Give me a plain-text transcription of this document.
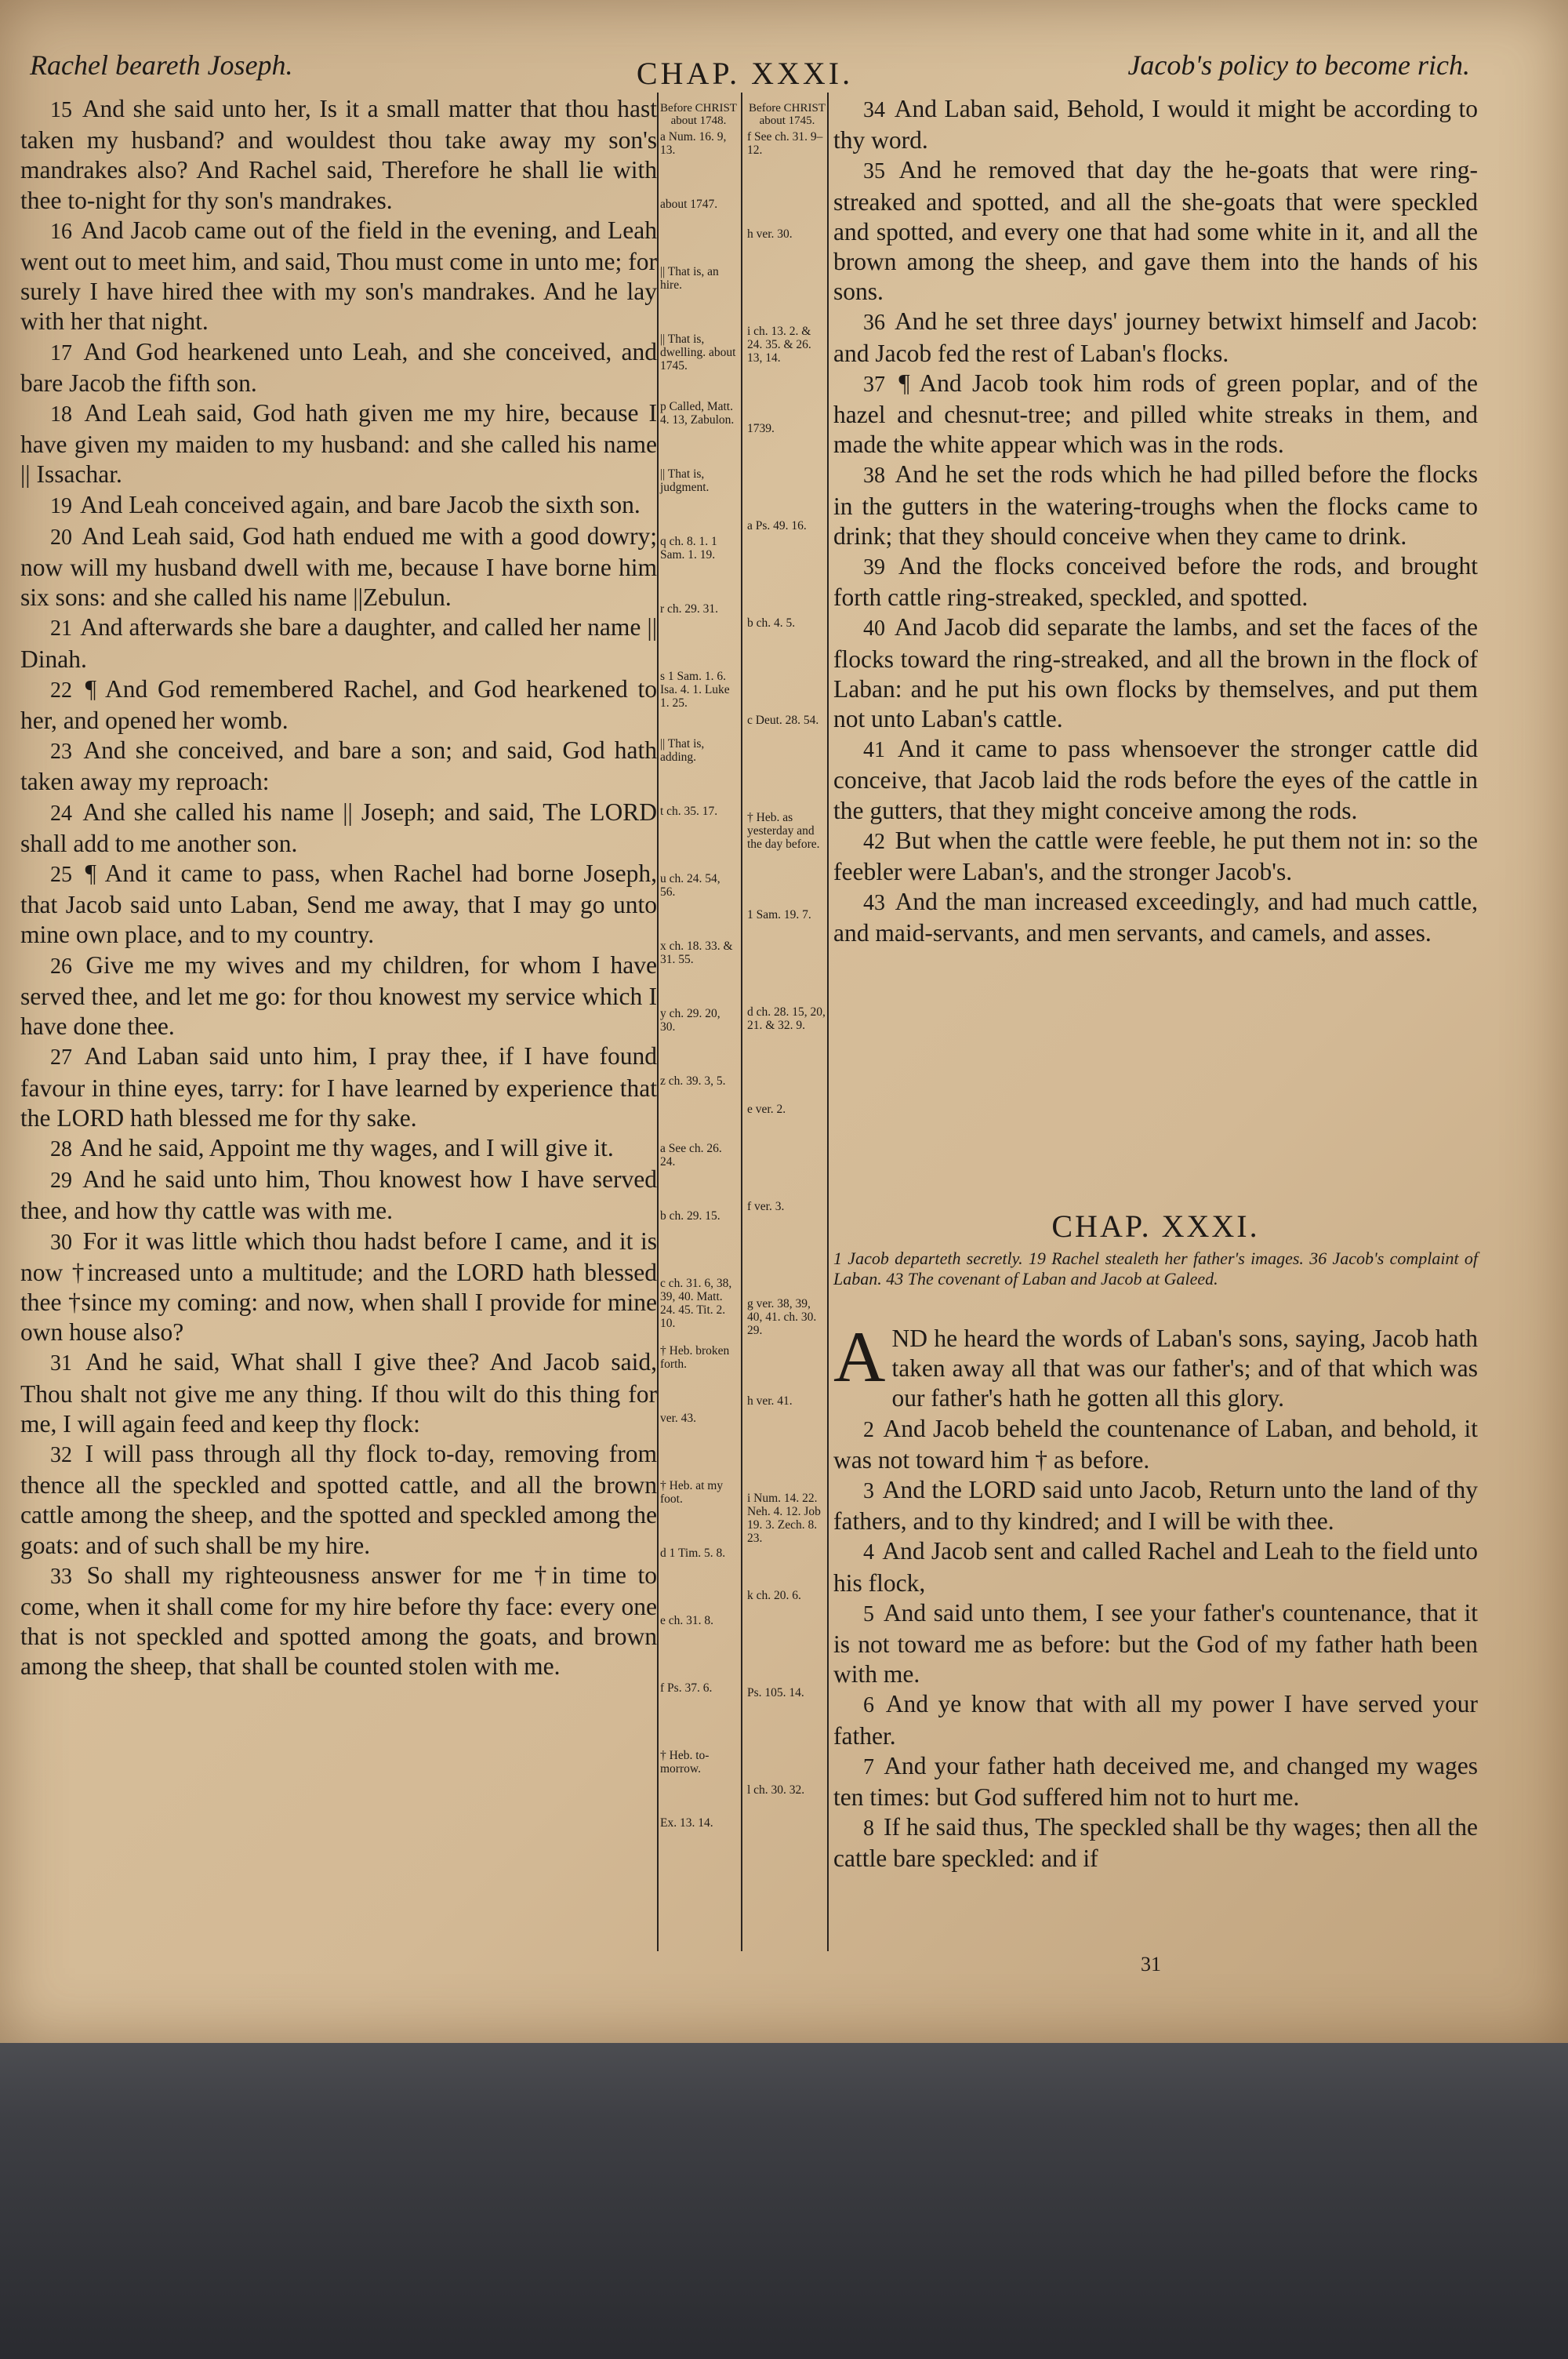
Rachel beareth Joseph.	CHAP. XXXI.	Jacob's policy to become rich.

15 And she said unto her, Is it a small matter that thou hast taken my husband? and wouldest thou take away my son's mandrakes also? And Rachel said, Therefore he shall lie with thee to-night for thy son's mandrakes.

16 And Jacob came out of the field in the evening, and Leah went out to meet him, and said, Thou must come in unto me; for surely I have hired thee with my son's mandrakes. And he lay with her that night.

17 And God hearkened unto Leah, and she conceived, and bare Jacob the fifth son.

18 And Leah said, God hath given me my hire, because I have given my maiden to my husband: and she called his name || Issachar.

19 And Leah conceived again, and bare Jacob the sixth son.

20 And Leah said, God hath endued me with a good dowry; now will my husband dwell with me, because I have borne him six sons: and she called his name ||Zebulun.

21 And afterwards she bare a daughter, and called her name || Dinah.

22 ¶ And God remembered Rachel, and God hearkened to her, and opened her womb.

23 And she conceived, and bare a son; and said, God hath taken away my reproach:

24 And she called his name || Joseph; and said, The LORD shall add to me another son.

25 ¶ And it came to pass, when Rachel had borne Joseph, that Jacob said unto Laban, Send me away, that I may go unto mine own place, and to my country.

26 Give me my wives and my children, for whom I have served thee, and let me go: for thou knowest my service which I have done thee.

27 And Laban said unto him, I pray thee, if I have found favour in thine eyes, tarry: for I have learned by experience that the LORD hath blessed me for thy sake.

28 And he said, Appoint me thy wages, and I will give it.

29 And he said unto him, Thou knowest how I have served thee, and how thy cattle was with me.

30 For it was little which thou hadst before I came, and it is now †increased unto a multitude; and the LORD hath blessed thee †since my coming: and now, when shall I provide for mine own house also?

31 And he said, What shall I give thee? And Jacob said, Thou shalt not give me any thing. If thou wilt do this thing for me, I will again feed and keep thy flock:

32 I will pass through all thy flock to-day, removing from thence all the speckled and spotted cattle, and all the brown cattle among the sheep, and the spotted and speckled among the goats: and of such shall be my hire.

33 So shall my righteousness answer for me †in time to come, when it shall come for my hire before thy face: every one that is not speckled and spotted among the goats, and brown among the sheep, that shall be counted stolen with me.

Before CHRIST about 1748.
a Num. 16. 9, 13.
about 1747.
|| That is, an hire.
|| That is, dwelling. about 1745.
p Called, Matt. 4. 13, Zabulon.
|| That is, judgment.
q ch. 8. 1. 1 Sam. 1. 19.
r ch. 29. 31.
s 1 Sam. 1. 6. Isa. 4. 1. Luke 1. 25.
|| That is, adding.
t ch. 35. 17.
u ch. 24. 54, 56.
x ch. 18. 33. & 31. 55.
y ch. 29. 20, 30.
z ch. 39. 3, 5.
a See ch. 26. 24.
b ch. 29. 15.
c ch. 31. 6, 38, 39, 40. Matt. 24. 45. Tit. 2. 10.
† Heb. broken forth.
ver. 43.
† Heb. at my foot.
d 1 Tim. 5. 8.
e ch. 31. 8.
f Ps. 37. 6.
† Heb. to-morrow.
Ex. 13. 14.
Before CHRIST about 1745.
f See ch. 31. 9–12.
h ver. 30.
i ch. 13. 2. & 24. 35. & 26. 13, 14.
1739.
a Ps. 49. 16.
b ch. 4. 5.
c Deut. 28. 54.
† Heb. as yesterday and the day before.
1 Sam. 19. 7.
d ch. 28. 15, 20, 21. & 32. 9.
e ver. 2.
f ver. 3.
g ver. 38, 39, 40, 41. ch. 30. 29.
h ver. 41.
i Num. 14. 22. Neh. 4. 12. Job 19. 3. Zech. 8. 23.
k ch. 20. 6.
Ps. 105. 14.
l ch. 30. 32.

34 And Laban said, Behold, I would it might be according to thy word.

35 And he removed that day the he-goats that were ring-streaked and spotted, and all the she-goats that were speckled and spotted, and every one that had some white in it, and all the brown among the sheep, and gave them into the hands of his sons.

36 And he set three days' journey betwixt himself and Jacob: and Jacob fed the rest of Laban's flocks.

37 ¶ And Jacob took him rods of green poplar, and of the hazel and chesnut-tree; and pilled white streaks in them, and made the white appear which was in the rods.

38 And he set the rods which he had pilled before the flocks in the gutters in the watering-troughs when the flocks came to drink; that they should conceive when they came to drink.

39 And the flocks conceived before the rods, and brought forth cattle ring-streaked, speckled, and spotted.

40 And Jacob did separate the lambs, and set the faces of the flocks toward the ring-streaked, and all the brown in the flock of Laban: and he put his own flocks by themselves, and put them not unto Laban's cattle.

41 And it came to pass whensoever the stronger cattle did conceive, that Jacob laid the rods before the eyes of the cattle in the gutters, that they might conceive among the rods.

42 But when the cattle were feeble, he put them not in: so the feebler were Laban's, and the stronger Jacob's.

43 And the man increased exceedingly, and had much cattle, and maid-servants, and men servants, and camels, and asses.

CHAP. XXXI.
1 Jacob departeth secretly. 19 Rachel stealeth her father's images. 36 Jacob's complaint of Laban. 43 The covenant of Laban and Jacob at Galeed.

AND he heard the words of Laban's sons, saying, Jacob hath taken away all that was our father's; and of that which was our father's hath he gotten all this glory.

2 And Jacob beheld the countenance of Laban, and behold, it was not toward him † as before.

3 And the LORD said unto Jacob, Return unto the land of thy fathers, and to thy kindred; and I will be with thee.

4 And Jacob sent and called Rachel and Leah to the field unto his flock,

5 And said unto them, I see your father's countenance, that it is not toward me as before: but the God of my father hath been with me.

6 And ye know that with all my power I have served your father.

7 And your father hath deceived me, and changed my wages ten times: but God suffered him not to hurt me.

8 If he said thus, The speckled shall be thy wages; then all the cattle bare speckled: and if

31
